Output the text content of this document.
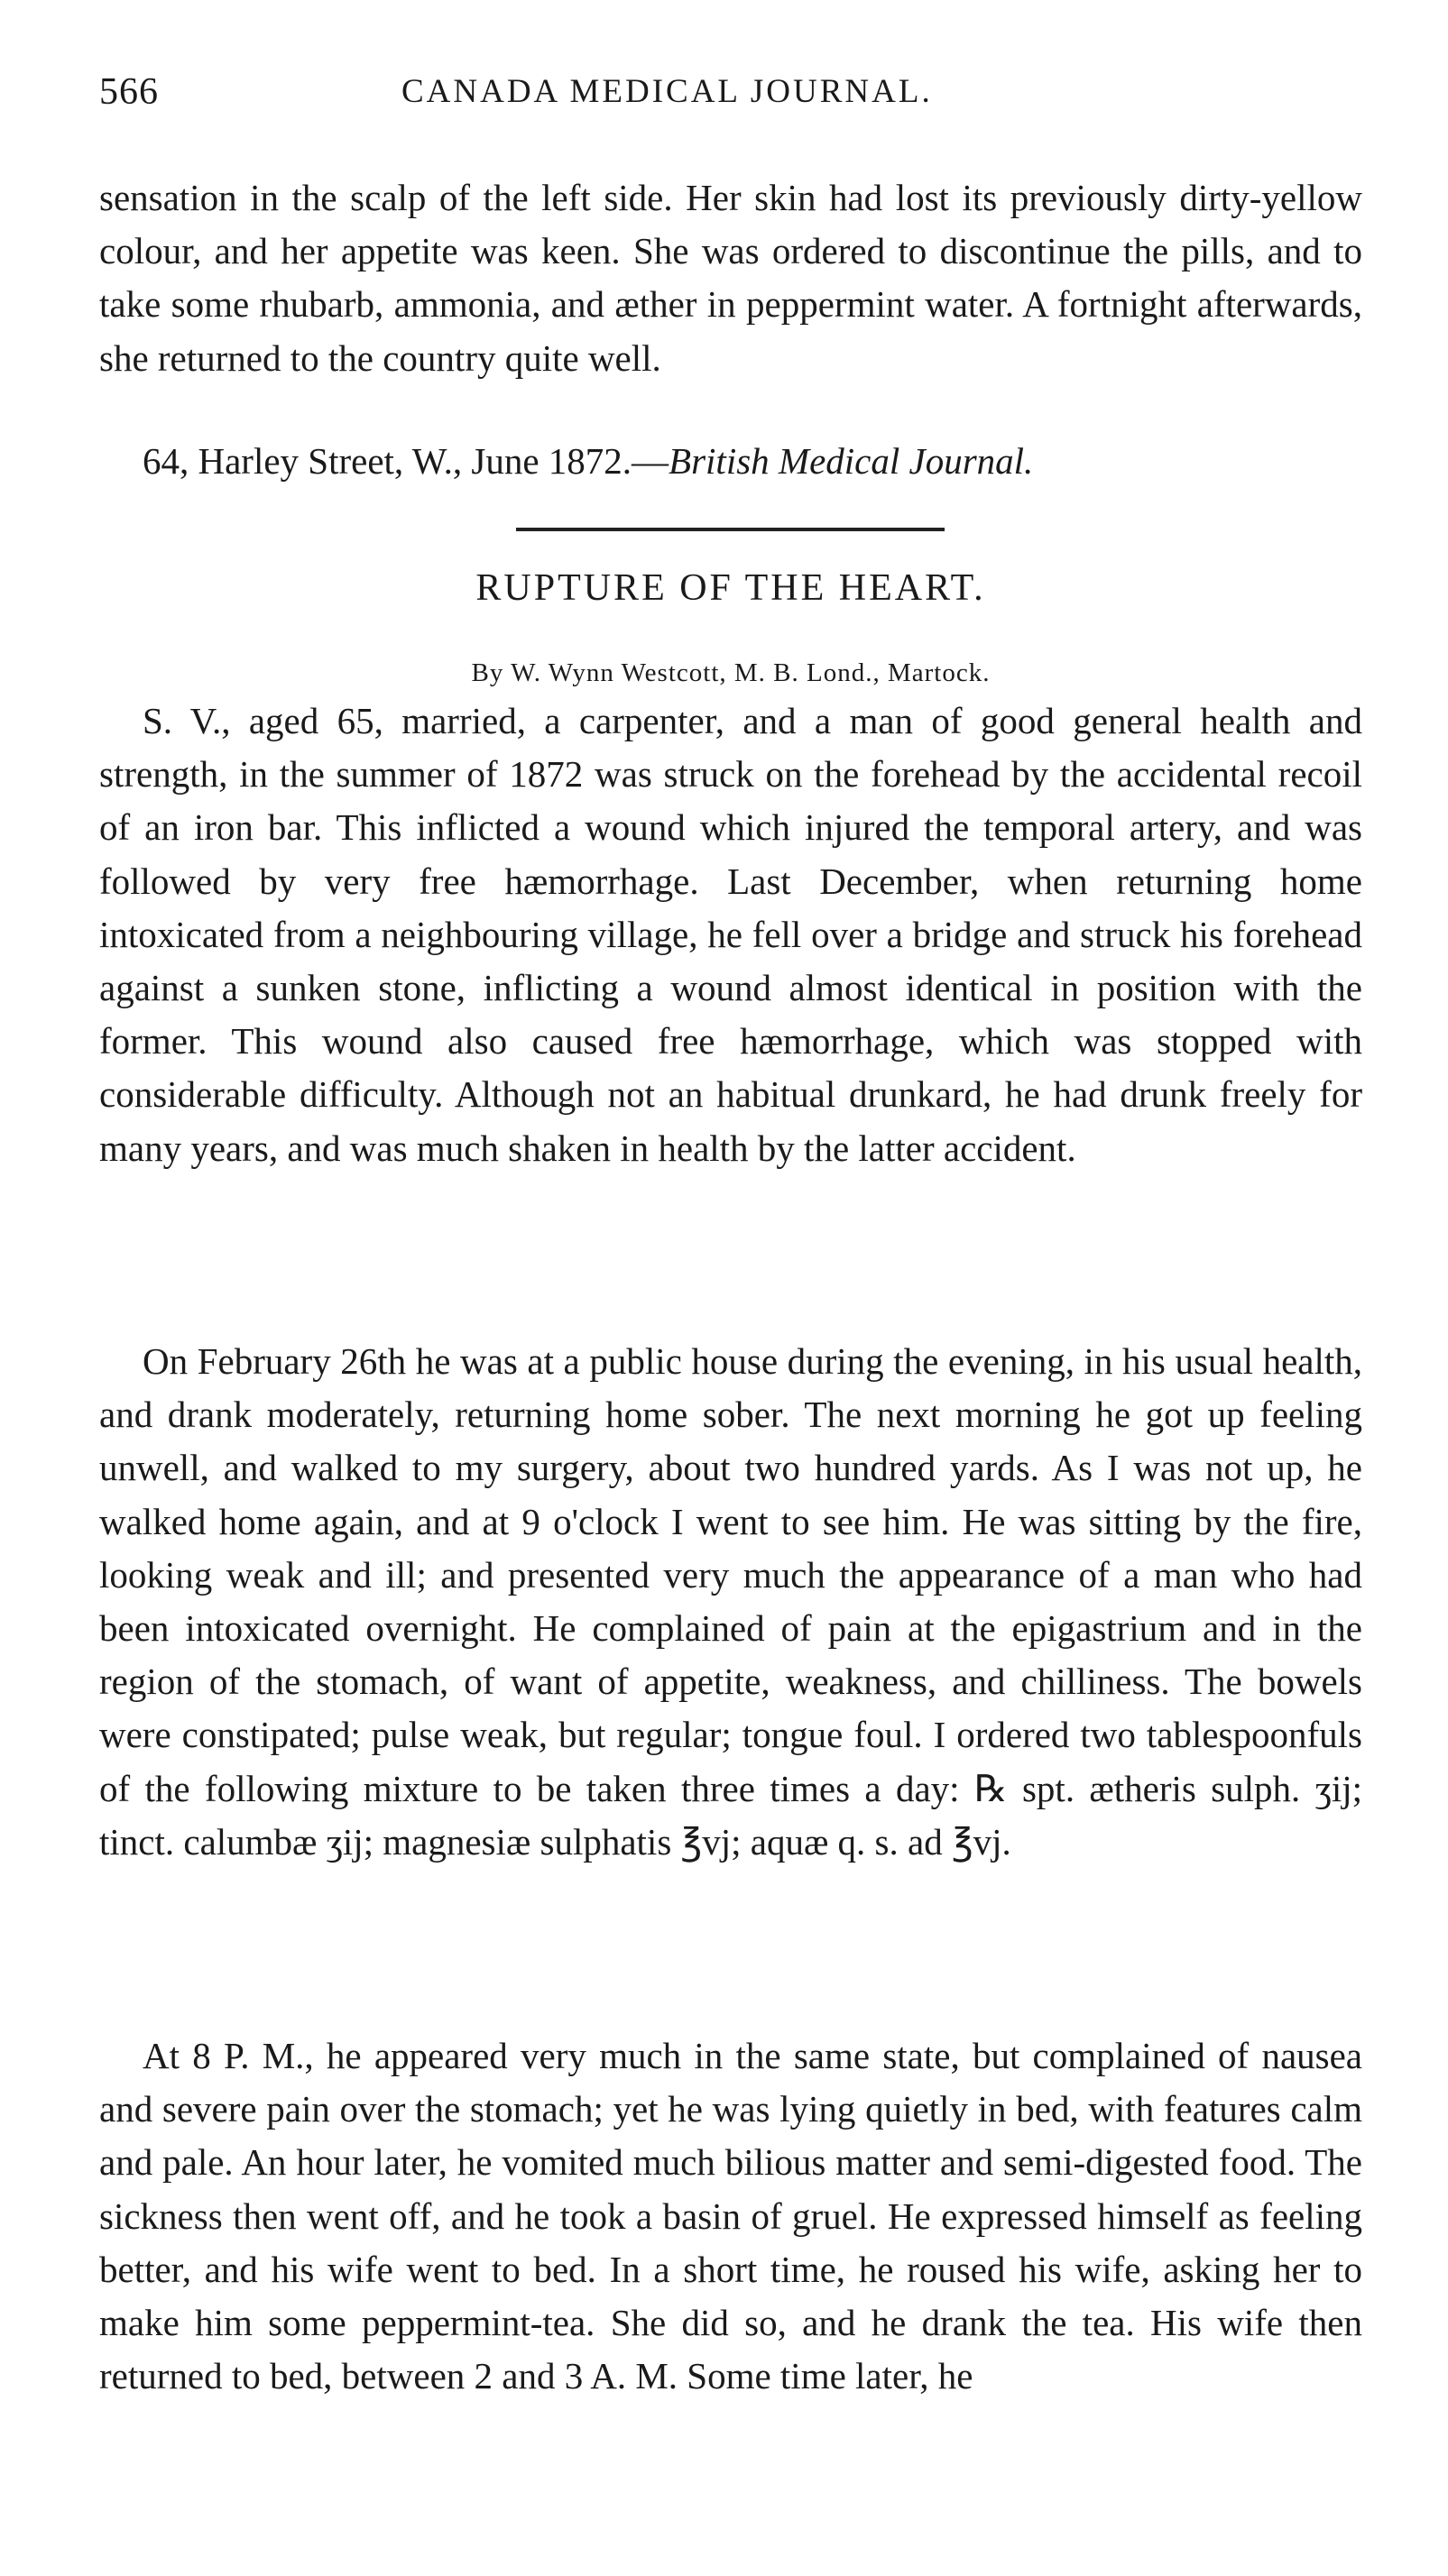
566	CANADA MEDICAL JOURNAL.

sensation in the scalp of the left side. Her skin had lost its previously dirty-yellow colour, and her appetite was keen. She was ordered to discontinue the pills, and to take some rhubarb, ammonia, and æther in peppermint water. A fortnight afterwards, she returned to the country quite well.

64, Harley Street, W., June 1872.—British Medical Journal.
RUPTURE OF THE HEART.
By W. Wynn Westcott, M. B. Lond., Martock.

S. V., aged 65, married, a carpenter, and a man of good general health and strength, in the summer of 1872 was struck on the forehead by the accidental recoil of an iron bar. This inflicted a wound which injured the temporal artery, and was followed by very free hæmorrhage. Last December, when returning home intoxicated from a neighbouring village, he fell over a bridge and struck his forehead against a sunken stone, inflicting a wound almost identical in position with the former. This wound also caused free hæmorrhage, which was stopped with considerable difficulty. Although not an habitual drunkard, he had drunk freely for many years, and was much shaken in health by the latter accident.

On February 26th he was at a public house during the evening, in his usual health, and drank moderately, returning home sober. The next morning he got up feeling unwell, and walked to my surgery, about two hundred yards. As I was not up, he walked home again, and at 9 o'clock I went to see him. He was sitting by the fire, looking weak and ill; and presented very much the appearance of a man who had been intoxicated overnight. He complained of pain at the epigastrium and in the region of the stomach, of want of appetite, weakness, and chilliness. The bowels were constipated; pulse weak, but regular; tongue foul. I ordered two tablespoonfuls of the following mixture to be taken three times a day: ℞ spt. ætheris sulph. ʒij; tinct. calumbæ ʒij; magnesiæ sulphatis ℥vj; aquæ q. s. ad ℥vj.

At 8 P. M., he appeared very much in the same state, but complained of nausea and severe pain over the stomach; yet he was lying quietly in bed, with features calm and pale. An hour later, he vomited much bilious matter and semi-digested food. The sickness then went off, and he took a basin of gruel. He expressed himself as feeling better, and his wife went to bed. In a short time, he roused his wife, asking her to make him some peppermint-tea. She did so, and he drank the tea. His wife then returned to bed, between 2 and 3 A. M. Some time later, he
